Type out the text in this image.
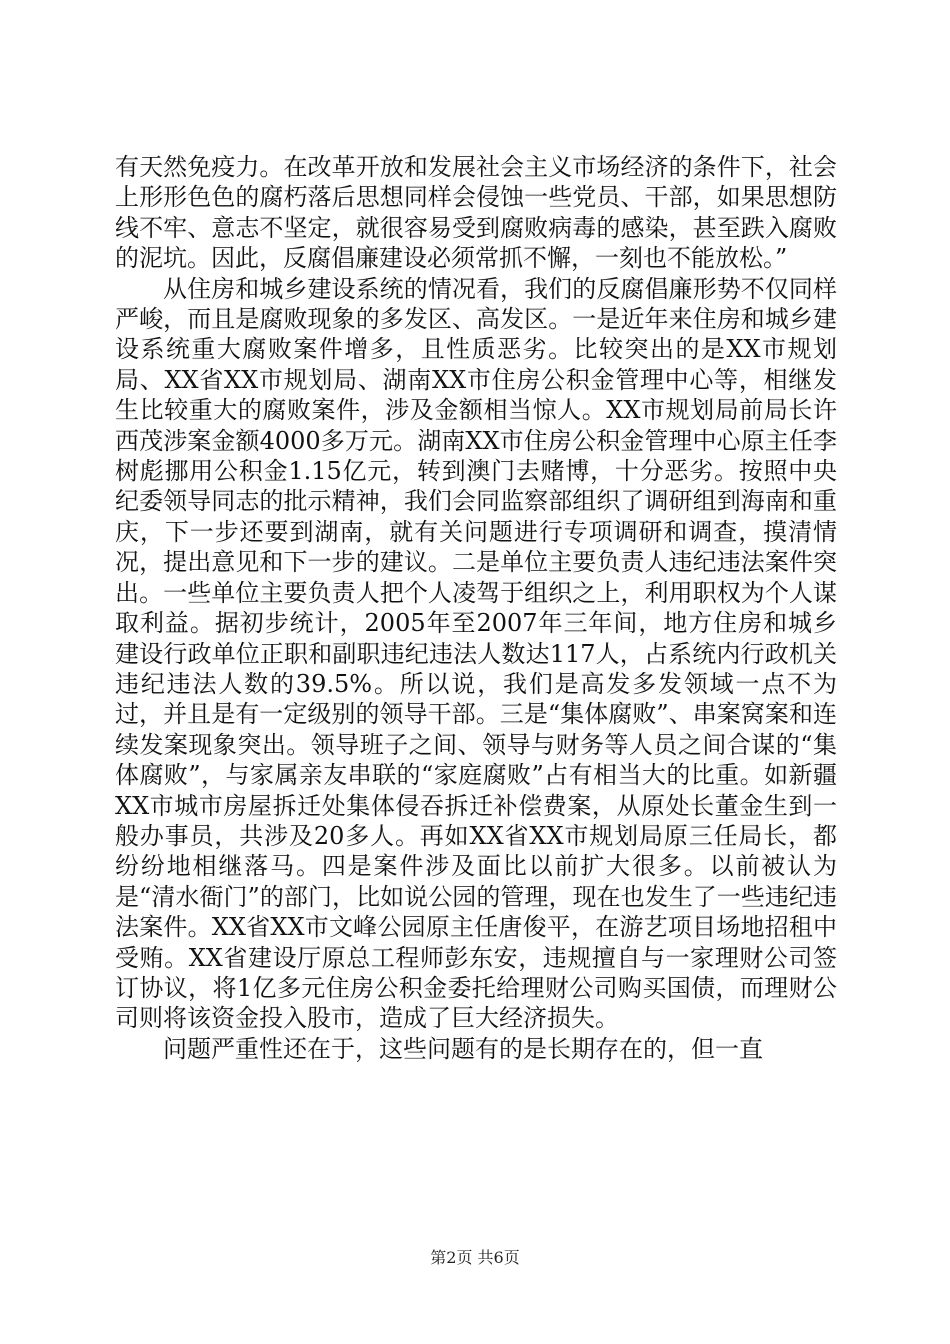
有天然免疫力。在改革开放和发展社会主义市场经济的条件下，社会上形形色色的腐朽落后思想同样会侵蚀一些党员、干部，如果思想防线不牢、意志不坚定，就很容易受到腐败病毒的感染，甚至跌入腐败的泥坑。因此，反腐倡廉建设必须常抓不懈，一刻也不能放松。”

从住房和城乡建设系统的情况看，我们的反腐倡廉形势不仅同样严峻，而且是腐败现象的多发区、高发区。一是近年来住房和城乡建设系统重大腐败案件增多，且性质恶劣。比较突出的是XX市规划局、XX省XX市规划局、湖南XX市住房公积金管理中心等，相继发生比较重大的腐败案件，涉及金额相当惊人。XX市规划局前局长许西茂涉案金额4000多万元。湖南XX市住房公积金管理中心原主任李树彪挪用公积金1.15亿元，转到澳门去赌博，十分恶劣。按照中央纪委领导同志的批示精神，我们会同监察部组织了调研组到海南和重庆，下一步还要到湖南，就有关问题进行专项调研和调查，摸清情况，提出意见和下一步的建议。二是单位主要负责人违纪违法案件突出。一些单位主要负责人把个人凌驾于组织之上，利用职权为个人谋取利益。据初步统计，2005年至2007年三年间，地方住房和城乡建设行政单位正职和副职违纪违法人数达117人，占系统内行政机关违纪违法人数的39.5%。所以说，我们是高发多发领域一点不为过，并且是有一定级别的领导干部。三是“集体腐败”、串案窝案和连续发案现象突出。领导班子之间、领导与财务等人员之间合谋的“集体腐败”，与家属亲友串联的“家庭腐败”占有相当大的比重。如新疆XX市城市房屋拆迁处集体侵吞拆迁补偿费案，从原处长董金生到一般办事员，共涉及20多人。再如XX省XX市规划局原三任局长，都纷纷地相继落马。四是案件涉及面比以前扩大很多。以前被认为是“清水衙门”的部门，比如说公园的管理，现在也发生了一些违纪违法案件。XX省XX市文峰公园原主任唐俊平，在游艺项目场地招租中受贿。XX省建设厅原总工程师彭东安，违规擅自与一家理财公司签订协议，将1亿多元住房公积金委托给理财公司购买国债，而理财公司则将该资金投入股市，造成了巨大经济损失。

问题严重性还在于，这些问题有的是长期存在的，但一直

第2页 共6页
